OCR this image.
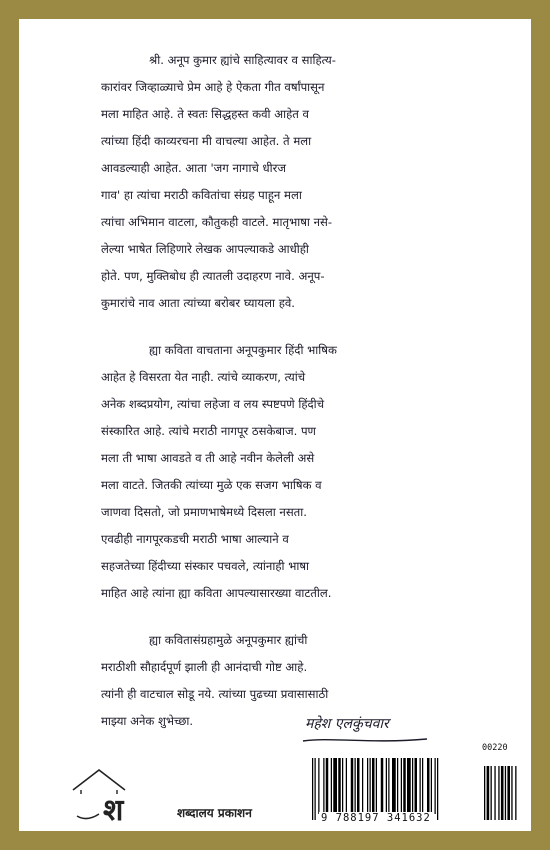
श्री. अनूप कुमार ह्यांचे साहित्यावर व साहित्य-
कारांवर जिव्हाळ्याचे प्रेम आहे हे ऐकता गीत वर्षांपासून
मला माहित आहे. ते स्वतः सिद्धहस्त कवी आहेत व
त्यांच्या हिंदी काव्यरचना मी वाचल्या आहेत. ते मला
आवडल्याही आहेत. आता 'जग नागाचे धीरज
गाव' हा त्यांचा मराठी कवितांचा संग्रह पाहून मला
त्यांचा अभिमान वाटला, कौतुकही वाटले. मातृभाषा नसे-
लेल्या भाषेत लिहिणारे लेखक आपल्याकडे आधीही
होते. पण, मुक्तिबोध ही त्यातली उदाहरण नावे. अनूप-
कुमारांचे नाव आता त्यांच्या बरोबर घ्यायला हवे.
ह्या कविता वाचताना अनूपकुमार हिंदी भाषिक
आहेत हे विसरता येत नाही. त्यांचे व्याकरण, त्यांचे
अनेक शब्दप्रयोग, त्यांचा लहेजा व लय स्पष्टपणे हिंदीचे
संस्कारित आहे. त्यांचे मराठी नागपूर ठसकेबाज. पण
मला ती भाषा आवडते व ती आहे नवीन केलेली असे
मला वाटते. जितकी त्यांच्या मुळे एक सजग भाषिक व
जाणवा दिसतो, जो प्रमाणभाषेमध्ये दिसला नसता.
एवढीही नागपूरकडची मराठी भाषा आल्याने व
सहजतेच्या हिंदीच्या संस्कार पचवले, त्यांनाही भाषा
माहित आहे त्यांना ह्या कविता आपल्यासारख्या वाटतील.
ह्या कवितासंग्रहामुळे अनूपकुमार ह्यांची
मराठीशी सौहार्दपूर्ण झाली ही आनंदाची गोष्ट आहे.
त्यांनी ही वाटचाल सोडू नये. त्यांच्या पुढच्या प्रवासासाठी
माझ्या अनेक शुभेच्छा.	महेश एलकुंचवार
श	शब्दालय प्रकाशन
00220
9 788197 341632
